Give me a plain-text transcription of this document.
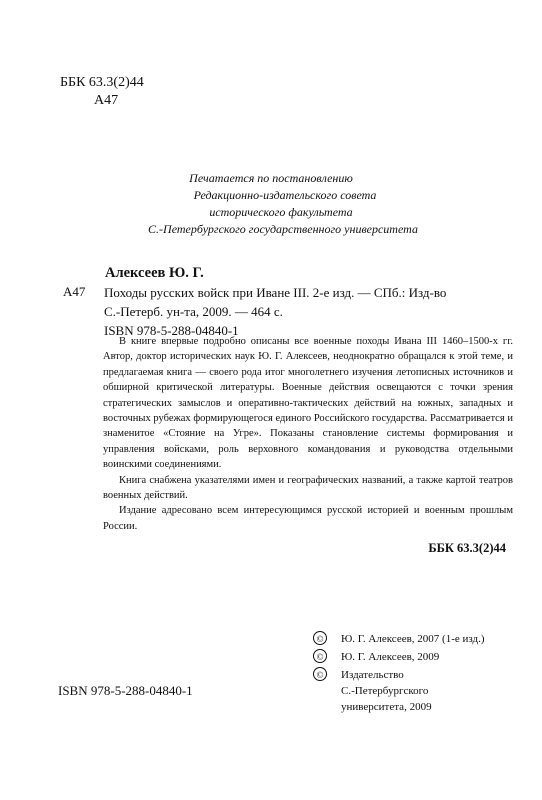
ББК 63.3(2)44
А47
Печатается по постановлению
Редакционно-издательского совета
исторического факультета
С.-Петербургского государственного университета
Алексеев Ю. Г.
А47 Походы русских войск при Иване III. 2-е изд. — СПб.: Изд-во
С.-Петерб. ун-та, 2009. — 464 с.
ISBN 978-5-288-04840-1

В книге впервые подробно описаны все военные походы Ивана III 1460–1500-х гг. Автор, доктор исторических наук Ю. Г. Алексеев, неоднократно обращался к этой теме, и предлагаемая книга — своего рода итог многолетнего изучения летописных источников и обширной критической литературы. Военные действия освещаются с точки зрения стратегических замыслов и оперативно-тактических действий на южных, западных и восточных рубежах формирующегося единого Российского государства. Рассматривается и знаменитое «Стояние на Угре». Показаны становление системы формирования и управления войсками, роль верховного командования и руководства отдельными воинскими соединениями.

Книга снабжена указателями имен и географических названий, а также картой театров военных действий.

Издание адресовано всем интересующимся русской историей и военным прошлым России.

ББК 63.3(2)44
©	Ю. Г. Алексеев, 2007 (1-е изд.)
©	Ю. Г. Алексеев, 2009
©	Издательство
С.-Петербургского
университета, 2009
ISBN 978-5-288-04840-1
